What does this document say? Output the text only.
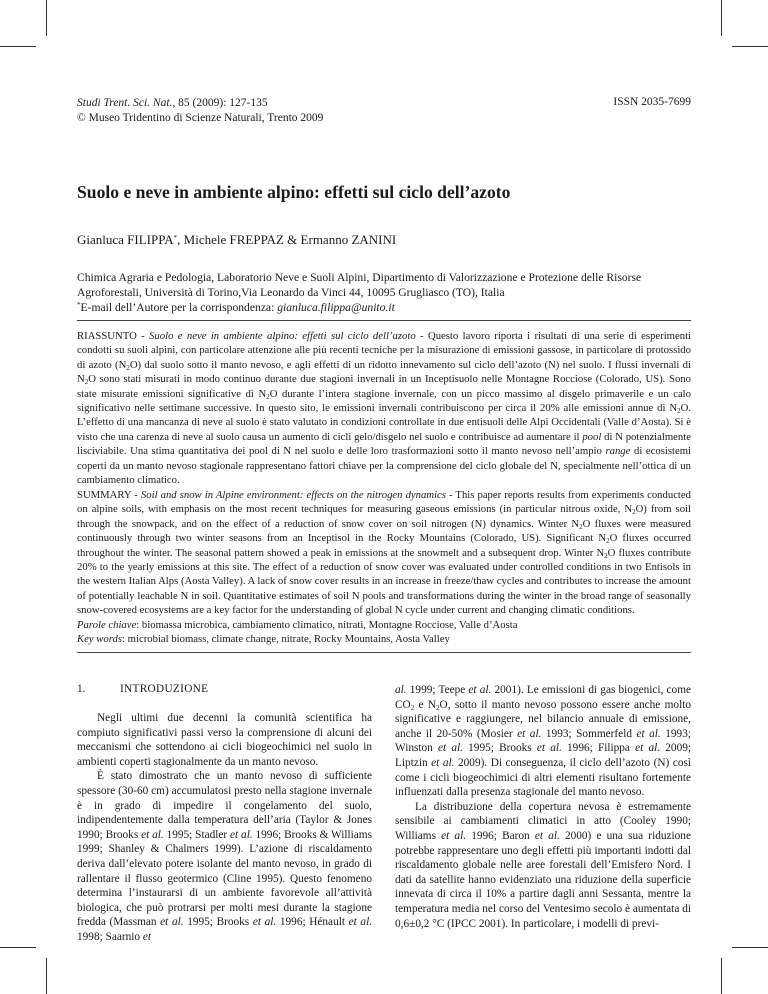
Studi Trent. Sci. Nat., 85 (2009): 127-135
© Museo Tridentino di Scienze Naturali, Trento 2009
ISSN 2035-7699
Suolo e neve in ambiente alpino: effetti sul ciclo dell’azoto
Gianluca FILIPPA*, Michele FREPPAZ & Ermanno ZANINI
Chimica Agraria e Pedologia, Laboratorio Neve e Suoli Alpini, Dipartimento di Valorizzazione e Protezione delle Risorse
Agroforestali, Università di Torino,Via Leonardo da Vinci 44, 10095 Grugliasco (TO), Italia
*E-mail dell’Autore per la corrispondenza: gianluca.filippa@unito.it
RIASSUNTO - Suolo e neve in ambiente alpino: effetti sul ciclo dell’azoto - Questo lavoro riporta i risultati di una serie di esperimenti condotti su suoli alpini, con particolare attenzione alle più recenti tecniche per la misurazione di emissioni gassose, in particolare di protossido di azoto $(N_2O)$ dal suolo sotto il manto nevoso, e agli effetti di un ridotto innevamento sul ciclo dell’azoto (N) nel suolo. I flussi invernali di $N_2O$ sono stati misurati in modo continuo durante due stagioni invernali in un Inceptisuolo nelle Montagne Rocciose (Colorado, US). Sono state misurate emissioni significative di $N_2O$ durante l’intera stagione invernale, con un picco massimo al disgelo primaverile e un calo significativo nelle settimane successive. In questo sito, le emissioni invernali contribuiscono per circa il 20% alle emissioni annue di $N_2O$. L’effetto di una mancanza di neve al suolo è stato valutato in condizioni controllate in due entisuoli delle Alpi Occidentali (Valle d’Aosta). Si è visto che una carenza di neve al suolo causa un aumento di cicli gelo/disgelo nel suolo e contribuisce ad aumentare il pool di N potenzialmente lisciviabile. Una stima quantitativa dei pool di N nel suolo e delle loro trasformazioni sotto il manto nevoso nell’ampio range di ecosistemi coperti da un manto nevoso stagionale rappresentano fattori chiave per la comprensione del ciclo globale del N, specialmente nell’ottica di un cambiamento climatico.
SUMMARY - Soil and snow in Alpine environment: effects on the nitrogen dynamics - This paper reports results from experiments conducted on alpine soils, with emphasis on the most recent techniques for measuring gaseous emissions (in particular nitrous oxide, $N_2O$) from soil through the snowpack, and on the effect of a reduction of snow cover on soil nitrogen (N) dynamics. Winter $N_2O$ fluxes were measured continuously through two winter seasons from an Inceptisol in the Rocky Mountains (Colorado, US). Significant $N_2O$ fluxes occurred throughout the winter. The seasonal pattern showed a peak in emissions at the snowmelt and a subsequent drop. Winter $N_2O$ fluxes contribute 20% to the yearly emissions at this site. The effect of a reduction of snow cover was evaluated under controlled conditions in two Entisols in the western Italian Alps (Aosta Valley). A lack of snow cover results in an increase in freeze/thaw cycles and contributes to increase the amount of potentially leachable N in soil. Quantitative estimates of soil N pools and transformations during the winter in the broad range of seasonally snow-covered ecosystems are a key factor for the understanding of global N cycle under current and changing climatic conditions.
Parole chiave: biomassa microbica, cambiamento climatico, nitrati, Montagne Rocciose, Valle d’Aosta
Key words: microbial biomass, climate change, nitrate, Rocky Mountains, Aosta Valley
1.	INTRODUZIONE

Negli ultimi due decenni la comunità scientifica ha compiuto significativi passi verso la comprensione di alcuni dei meccanismi che sottendono ai cicli biogeochimici nel suolo in ambienti coperti stagionalmente da un manto nevoso.

È stato dimostrato che un manto nevoso di sufficiente spessore (30-60 cm) accumulatosi presto nella stagione invernale è in grado di impedire il congelamento del suolo, indipendentemente dalla temperatura dell’aria (Taylor & Jones 1990; Brooks et al. 1995; Stadler et al. 1996; Brooks & Williams 1999; Shanley & Chalmers 1999). L’azione di riscaldamento deriva dall’elevato potere isolante del manto nevoso, in grado di rallentare il flusso geotermico (Cline 1995). Questo fenomeno determina l’instaurarsi di un ambiente favorevole all’attività biologica, che può protrarsi per molti mesi durante la stagione fredda (Massman et al. 1995; Brooks et al. 1996; Hénault et al. 1998; Saarnio et

al. 1999; Teepe et al. 2001). Le emissioni di gas biogenici, come $CO_2$ e $N_2O$, sotto il manto nevoso possono essere anche molto significative e raggiungere, nel bilancio annuale di emissione, anche il 20-50% (Mosier et al. 1993; Sommerfeld et al. 1993; Winston et al. 1995; Brooks et al. 1996; Filippa et al. 2009; Liptzin et al. 2009). Di conseguenza, il ciclo dell’azoto (N) così come i cicli biogeochimici di altri elementi risultano fortemente influenzati dalla presenza stagionale del manto nevoso.

La distribuzione della copertura nevosa è estremamente sensibile ai cambiamenti climatici in atto (Cooley 1990; Williams et al. 1996; Baron et al. 2000) e una sua riduzione potrebbe rappresentare uno degli effetti più importanti indotti dal riscaldamento globale nelle aree forestali dell’Emisfero Nord. I dati da satellite hanno evidenziato una riduzione della superficie innevata di circa il 10% a partire dagli anni Sessanta, mentre la temperatura media nel corso del Ventesimo secolo è aumentata di 0,6±0,2 °C (IPCC 2001). In particolare, i modelli di previ-
